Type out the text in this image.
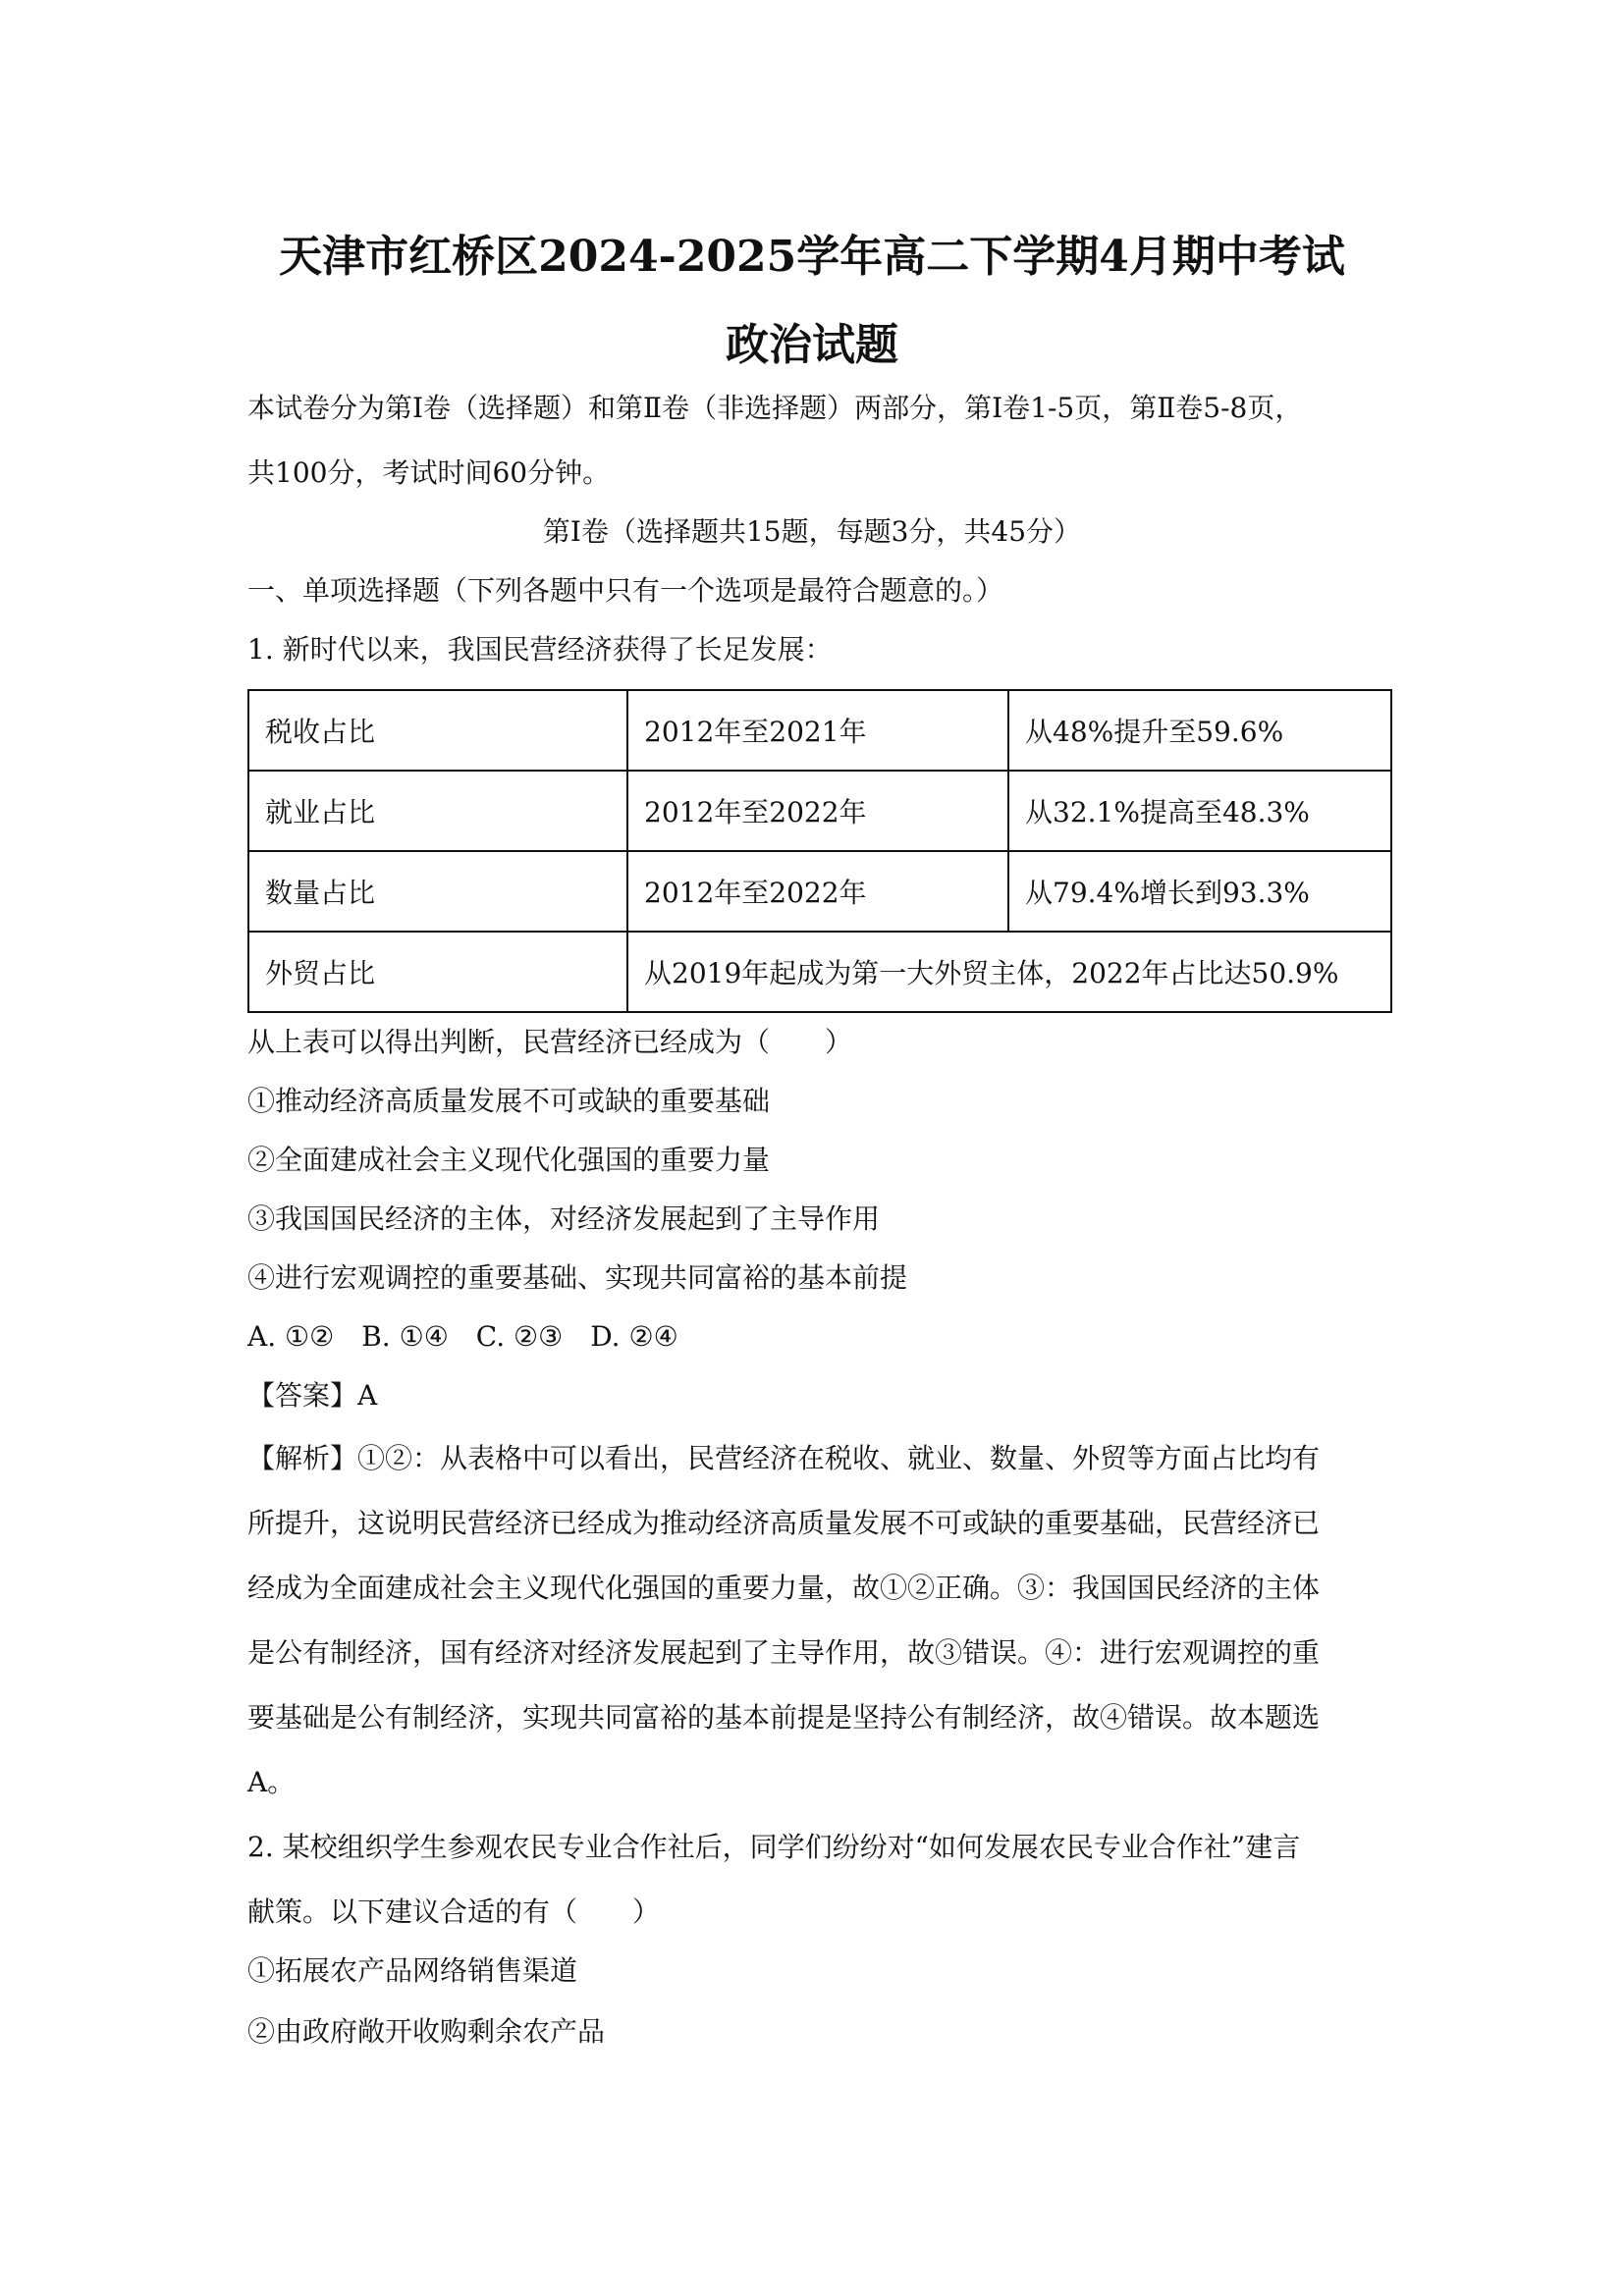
天津市红桥区2024-2025学年高二下学期4月期中考试
政治试题
本试卷分为第Ⅰ卷（选择题）和第Ⅱ卷（非选择题）两部分，第Ⅰ卷1-5页，第Ⅱ卷5-8页，
共100分，考试时间60分钟。
第Ⅰ卷（选择题共15题，每题3分，共45分）
一、单项选择题（下列各题中只有一个选项是最符合题意的。）
1. 新时代以来，我国民营经济获得了长足发展：
税收占比	2012年至2021年	从48%提升至59.6%
就业占比	2012年至2022年	从32.1%提高至48.3%
数量占比	2012年至2022年	从79.4%增长到93.3%
外贸占比	从2019年起成为第一大外贸主体，2022年占比达50.9%	
从上表可以得出判断，民营经济已经成为（　　）
①推动经济高质量发展不可或缺的重要基础
②全面建成社会主义现代化强国的重要力量
③我国国民经济的主体，对经济发展起到了主导作用
④进行宏观调控的重要基础、实现共同富裕的基本前提
A. ①②　B. ①④　C. ②③　D. ②④
【答案】A
【解析】①②：从表格中可以看出，民营经济在税收、就业、数量、外贸等方面占比均有
所提升，这说明民营经济已经成为推动经济高质量发展不可或缺的重要基础，民营经济已
经成为全面建成社会主义现代化强国的重要力量，故①②正确。③：我国国民经济的主体
是公有制经济，国有经济对经济发展起到了主导作用，故③错误。④：进行宏观调控的重
要基础是公有制经济，实现共同富裕的基本前提是坚持公有制经济，故④错误。故本题选
A。
2. 某校组织学生参观农民专业合作社后，同学们纷纷对“如何发展农民专业合作社”建言
献策。以下建议合适的有（　　）
①拓展农产品网络销售渠道
②由政府敞开收购剩余农产品
